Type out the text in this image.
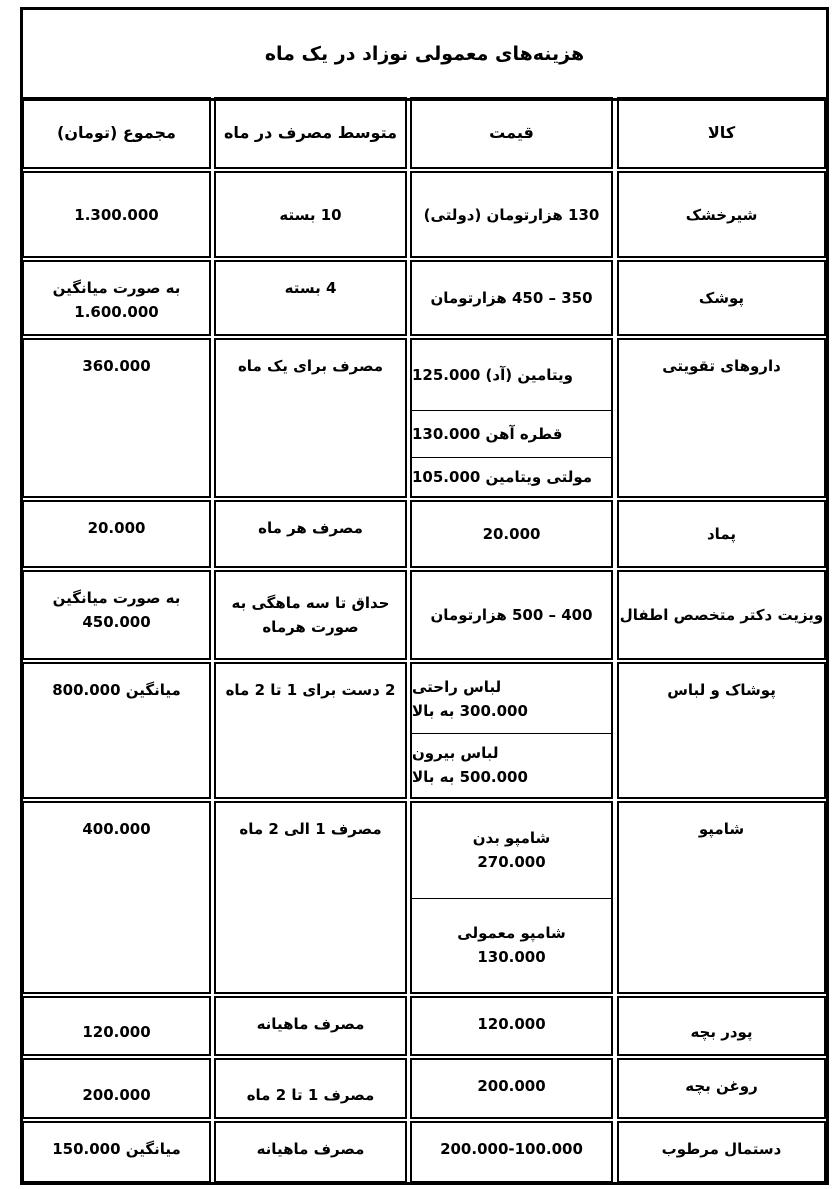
هزینه‌های معمولی نوزاد در یک ماه
کالا
قیمت
متوسط مصرف در ماه
مجموع (تومان)
شیرخشک
130 هزارتومان (دولتی)
10 بسته
1.300.000
پوشک
350 – 450 هزارتومان
4 بسته
به صورت میانگین
1.600.000
داروهای تقویتی
ویتامین (آد) 125.000
قطره آهن 130.000
مولتی ویتامین 105.000
مصرف برای یک ماه
360.000
پماد
20.000
مصرف هر ماه
20.000
ویزیت دکتر متخصص اطفال
400 – 500 هزارتومان
حداق تا سه ماهگی به
صورت هرماه
به صورت میانگین
450.000
پوشاک و لباس
لباس راحتی
300.000 به بالا
لباس بیرون
500.000 به بالا
2 دست برای 1 تا 2 ماه
میانگین 800.000
شامپو
شامپو بدن
270.000
شامپو معمولی
130.000
مصرف 1 الی 2 ماه
400.000
پودر بچه
120.000
مصرف ماهیانه
120.000
روغن بچه
200.000
مصرف 1 تا 2 ماه
200.000
دستمال مرطوب
200.000-100.000
مصرف ماهیانه
میانگین 150.000
